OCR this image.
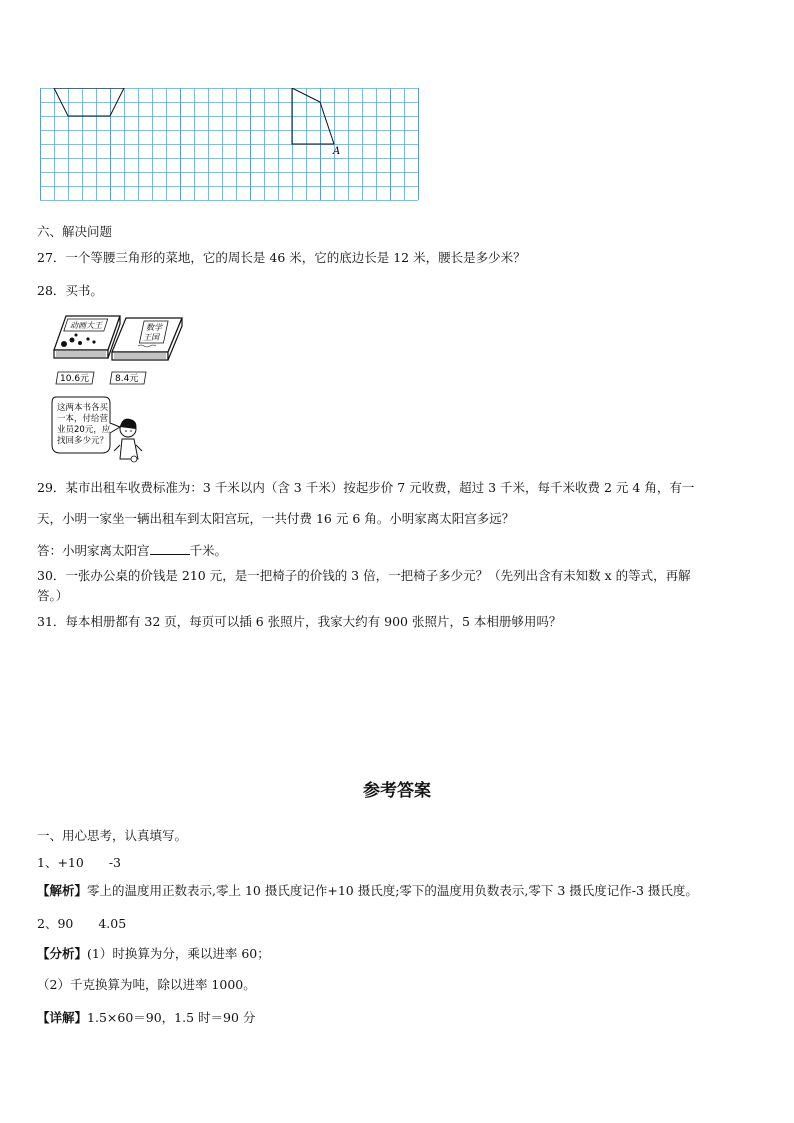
A
六、解决问题
27．一个等腰三角形的菜地，它的周长是 46 米，它的底边长是 12 米，腰长是多少米？
28．买书。
动画大王	数学
王国
10.6元	8.4元
这两本书各买
一本，付给营
业员20元，应
找回多少元？
29．某市出租车收费标准为：3 千米以内（含 3 千米）按起步价 7 元收费，超过 3 千米，每千米收费 2 元 4 角，有一
天，小明一家坐一辆出租车到太阳宫玩，一共付费 16 元 6 角。小明家离太阳宫多远？
答：小明家离太阳宫	千米。
30．一张办公桌的价钱是 210 元，是一把椅子的价钱的 3 倍，一把椅子多少元？（先列出含有未知数 x 的等式，再解
答。）
31．每本相册都有 32 页，每页可以插 6 张照片，我家大约有 900 张照片，5 本相册够用吗？
参考答案
一、用心思考，认真填写。
1、+10　　-3
【解析】零上的温度用正数表示,零上 10 摄氏度记作+10 摄氏度;零下的温度用负数表示,零下 3 摄氏度记作-3 摄氏度。
2、90　　4.05
【分析】(1）时换算为分，乘以进率 60；
（2）千克换算为吨，除以进率 1000。
【详解】1.5×60＝90，1.5 时＝90 分
